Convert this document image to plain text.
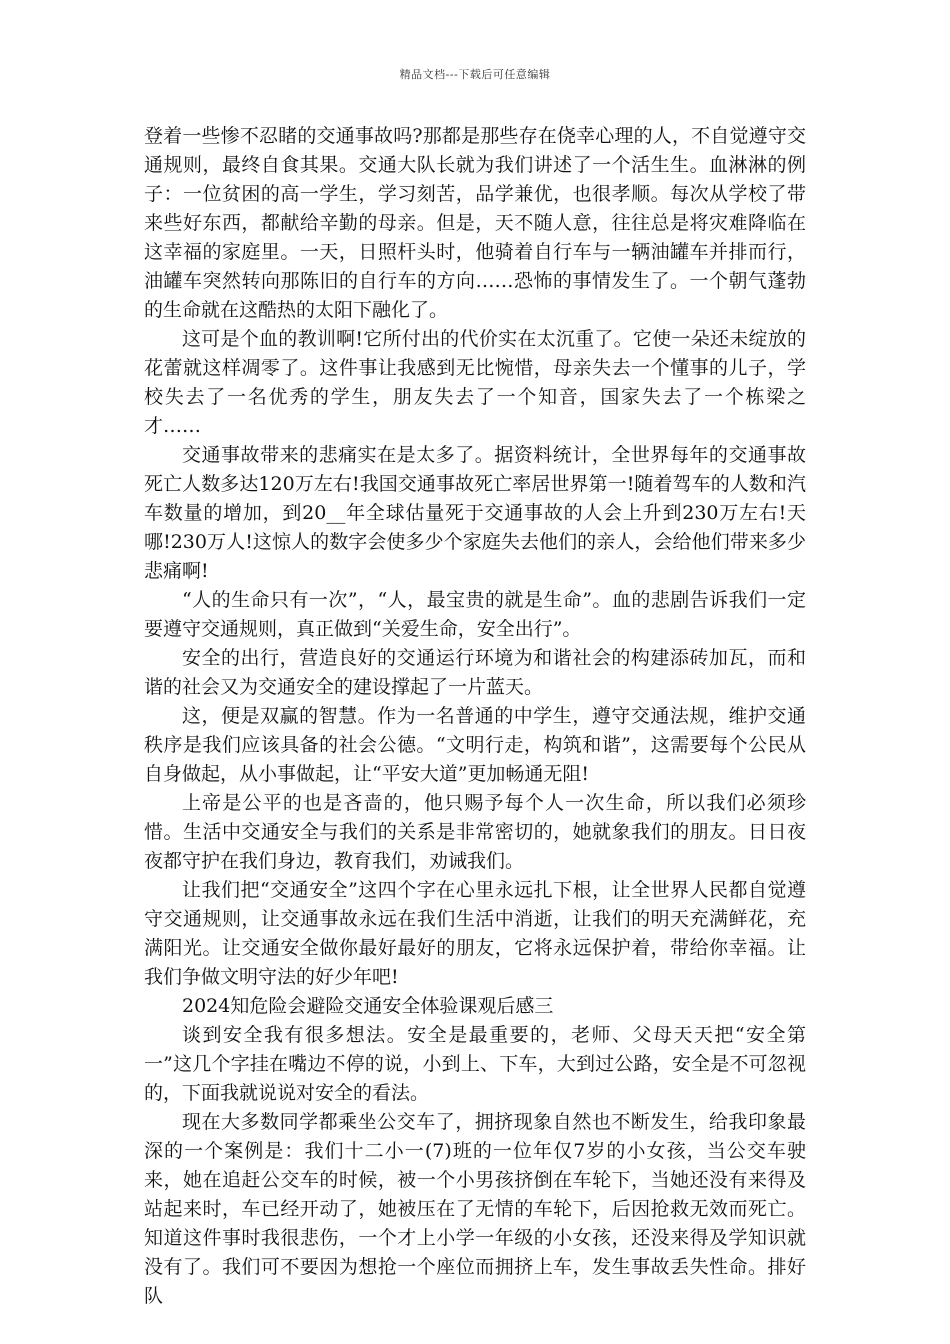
精品文档---下载后可任意编辑

登着一些惨不忍睹的交通事故吗?那都是那些存在侥幸心理的人，不自觉遵守交通规则，最终自食其果。交通大队长就为我们讲述了一个活生生。血淋淋的例子：一位贫困的高一学生，学习刻苦，品学兼优，也很孝顺。每次从学校了带来些好东西，都献给辛勤的母亲。但是，天不随人意，往往总是将灾难降临在这幸福的家庭里。一天，日照杆头时，他骑着自行车与一辆油罐车并排而行，油罐车突然转向那陈旧的自行车的方向……恐怖的事情发生了。一个朝气蓬勃的生命就在这酷热的太阳下融化了。

这可是个血的教训啊!它所付出的代价实在太沉重了。它使一朵还未绽放的花蕾就这样凋零了。这件事让我感到无比惋惜，母亲失去一个懂事的儿子，学校失去了一名优秀的学生，朋友失去了一个知音，国家失去了一个栋梁之才……

交通事故带来的悲痛实在是太多了。据资料统计，全世界每年的交通事故死亡人数多达120万左右!我国交通事故死亡率居世界第一!随着驾车的人数和汽车数量的增加，到20__年全球估量死于交通事故的人会上升到230万左右!天哪!230万人!这惊人的数字会使多少个家庭失去他们的亲人，会给他们带来多少悲痛啊!

“人的生命只有一次”，“人，最宝贵的就是生命”。血的悲剧告诉我们一定要遵守交通规则，真正做到“关爱生命，安全出行”。

安全的出行，营造良好的交通运行环境为和谐社会的构建添砖加瓦，而和谐的社会又为交通安全的建设撑起了一片蓝天。

这，便是双赢的智慧。作为一名普通的中学生，遵守交通法规，维护交通秩序是我们应该具备的社会公德。“文明行走，构筑和谐”，这需要每个公民从自身做起，从小事做起，让“平安大道”更加畅通无阻!

上帝是公平的也是吝啬的，他只赐予每个人一次生命，所以我们必须珍惜。生活中交通安全与我们的关系是非常密切的，她就象我们的朋友。日日夜夜都守护在我们身边，教育我们，劝诫我们。

让我们把“交通安全”这四个字在心里永远扎下根，让全世界人民都自觉遵守交通规则，让交通事故永远在我们生活中消逝，让我们的明天充满鲜花，充满阳光。让交通安全做你最好最好的朋友，它将永远保护着，带给你幸福。让我们争做文明守法的好少年吧!

2024知危险会避险交通安全体验课观后感三

谈到安全我有很多想法。安全是最重要的，老师、父母天天把“安全第一”这几个字挂在嘴边不停的说，小到上、下车，大到过公路，安全是不可忽视的，下面我就说说对安全的看法。

现在大多数同学都乘坐公交车了，拥挤现象自然也不断发生，给我印象最深的一个案例是：我们十二小一(7)班的一位年仅7岁的小女孩，当公交车驶来，她在追赶公交车的时候，被一个小男孩挤倒在车轮下，当她还没有来得及站起来时，车已经开动了，她被压在了无情的车轮下，后因抢救无效而死亡。知道这件事时我很悲伤，一个才上小学一年级的小女孩，还没来得及学知识就没有了。我们可不要因为想抢一个座位而拥挤上车，发生事故丢失性命。排好队
